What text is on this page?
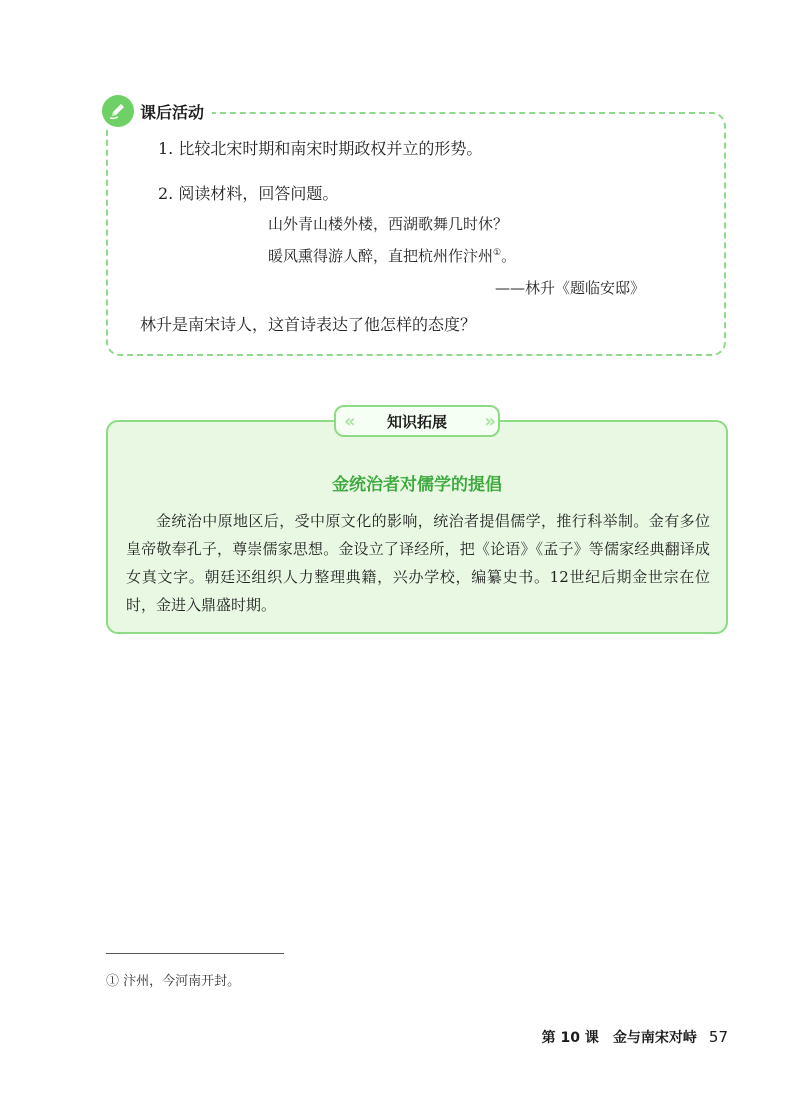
课后活动
1. 比较北宋时期和南宋时期政权并立的形势。
2. 阅读材料，回答问题。
山外青山楼外楼，西湖歌舞几时休？
暖风熏得游人醉，直把杭州作汴州①。
——林升《题临安邸》
林升是南宋诗人，这首诗表达了他怎样的态度？
« 知识拓展 »
金统治者对儒学的提倡

金统治中原地区后，受中原文化的影响，统治者提倡儒学，推行科举制。金有多位皇帝敬奉孔子，尊崇儒家思想。金设立了译经所，把《论语》《孟子》等儒家经典翻译成女真文字。朝廷还组织人力整理典籍，兴办学校，编纂史书。12世纪后期金世宗在位时，金进入鼎盛时期。

① 汴州，今河南开封。
第 10 课 金与南宋对峙 57
